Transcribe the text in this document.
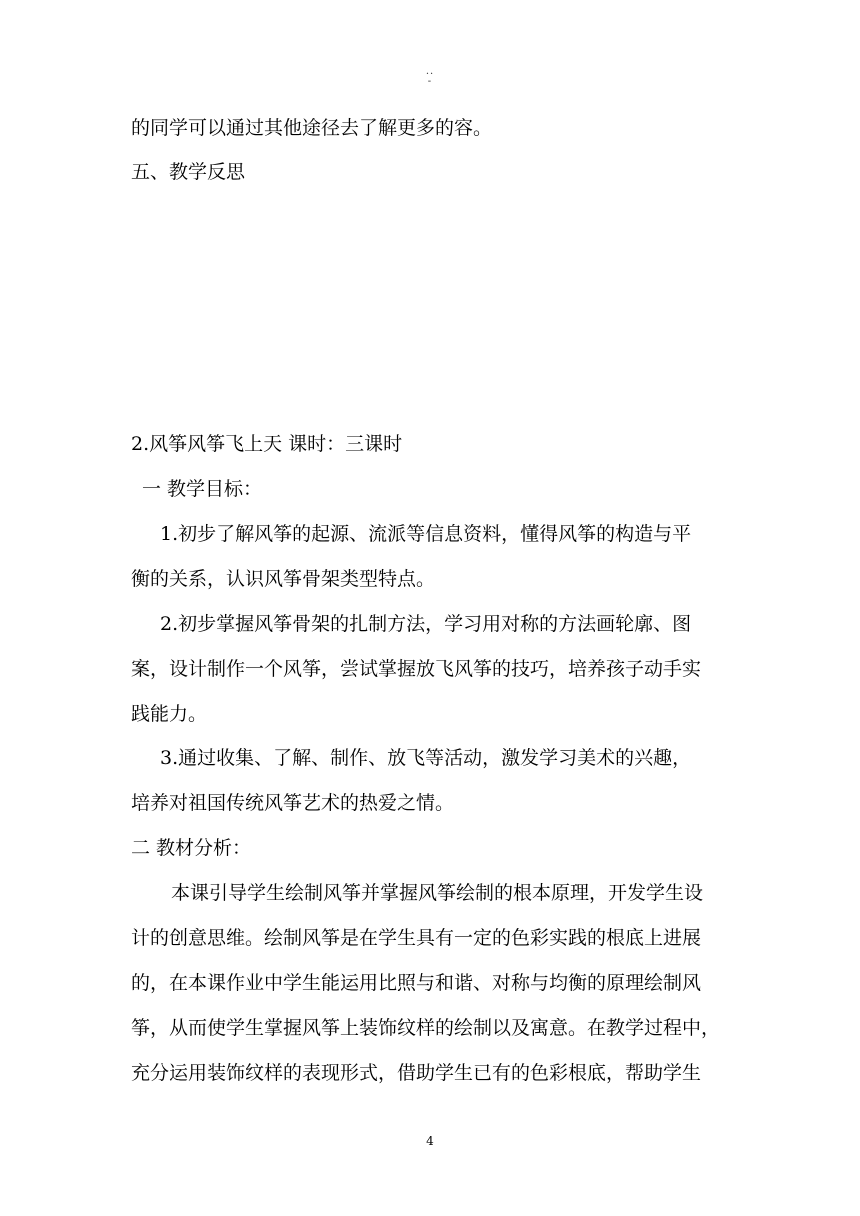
..
-
的同学可以通过其他途径去了解更多的容。
五、教学反思
2.风筝风筝飞上天 课时：三课时
一 教学目标：
1.初步了解风筝的起源、流派等信息资料，懂得风筝的构造与平
衡的关系，认识风筝骨架类型特点。
2.初步掌握风筝骨架的扎制方法，学习用对称的方法画轮廓、图
案，设计制作一个风筝，尝试掌握放飞风筝的技巧，培养孩子动手实
践能力。
3.通过收集、了解、制作、放飞等活动，激发学习美术的兴趣，
培养对祖国传统风筝艺术的热爱之情。
二 教材分析：
本课引导学生绘制风筝并掌握风筝绘制的根本原理，开发学生设
计的创意思维。绘制风筝是在学生具有一定的色彩实践的根底上进展
的，在本课作业中学生能运用比照与和谐、对称与均衡的原理绘制风
筝，从而使学生掌握风筝上装饰纹样的绘制以及寓意。在教学过程中，
充分运用装饰纹样的表现形式，借助学生已有的色彩根底，帮助学生
4
